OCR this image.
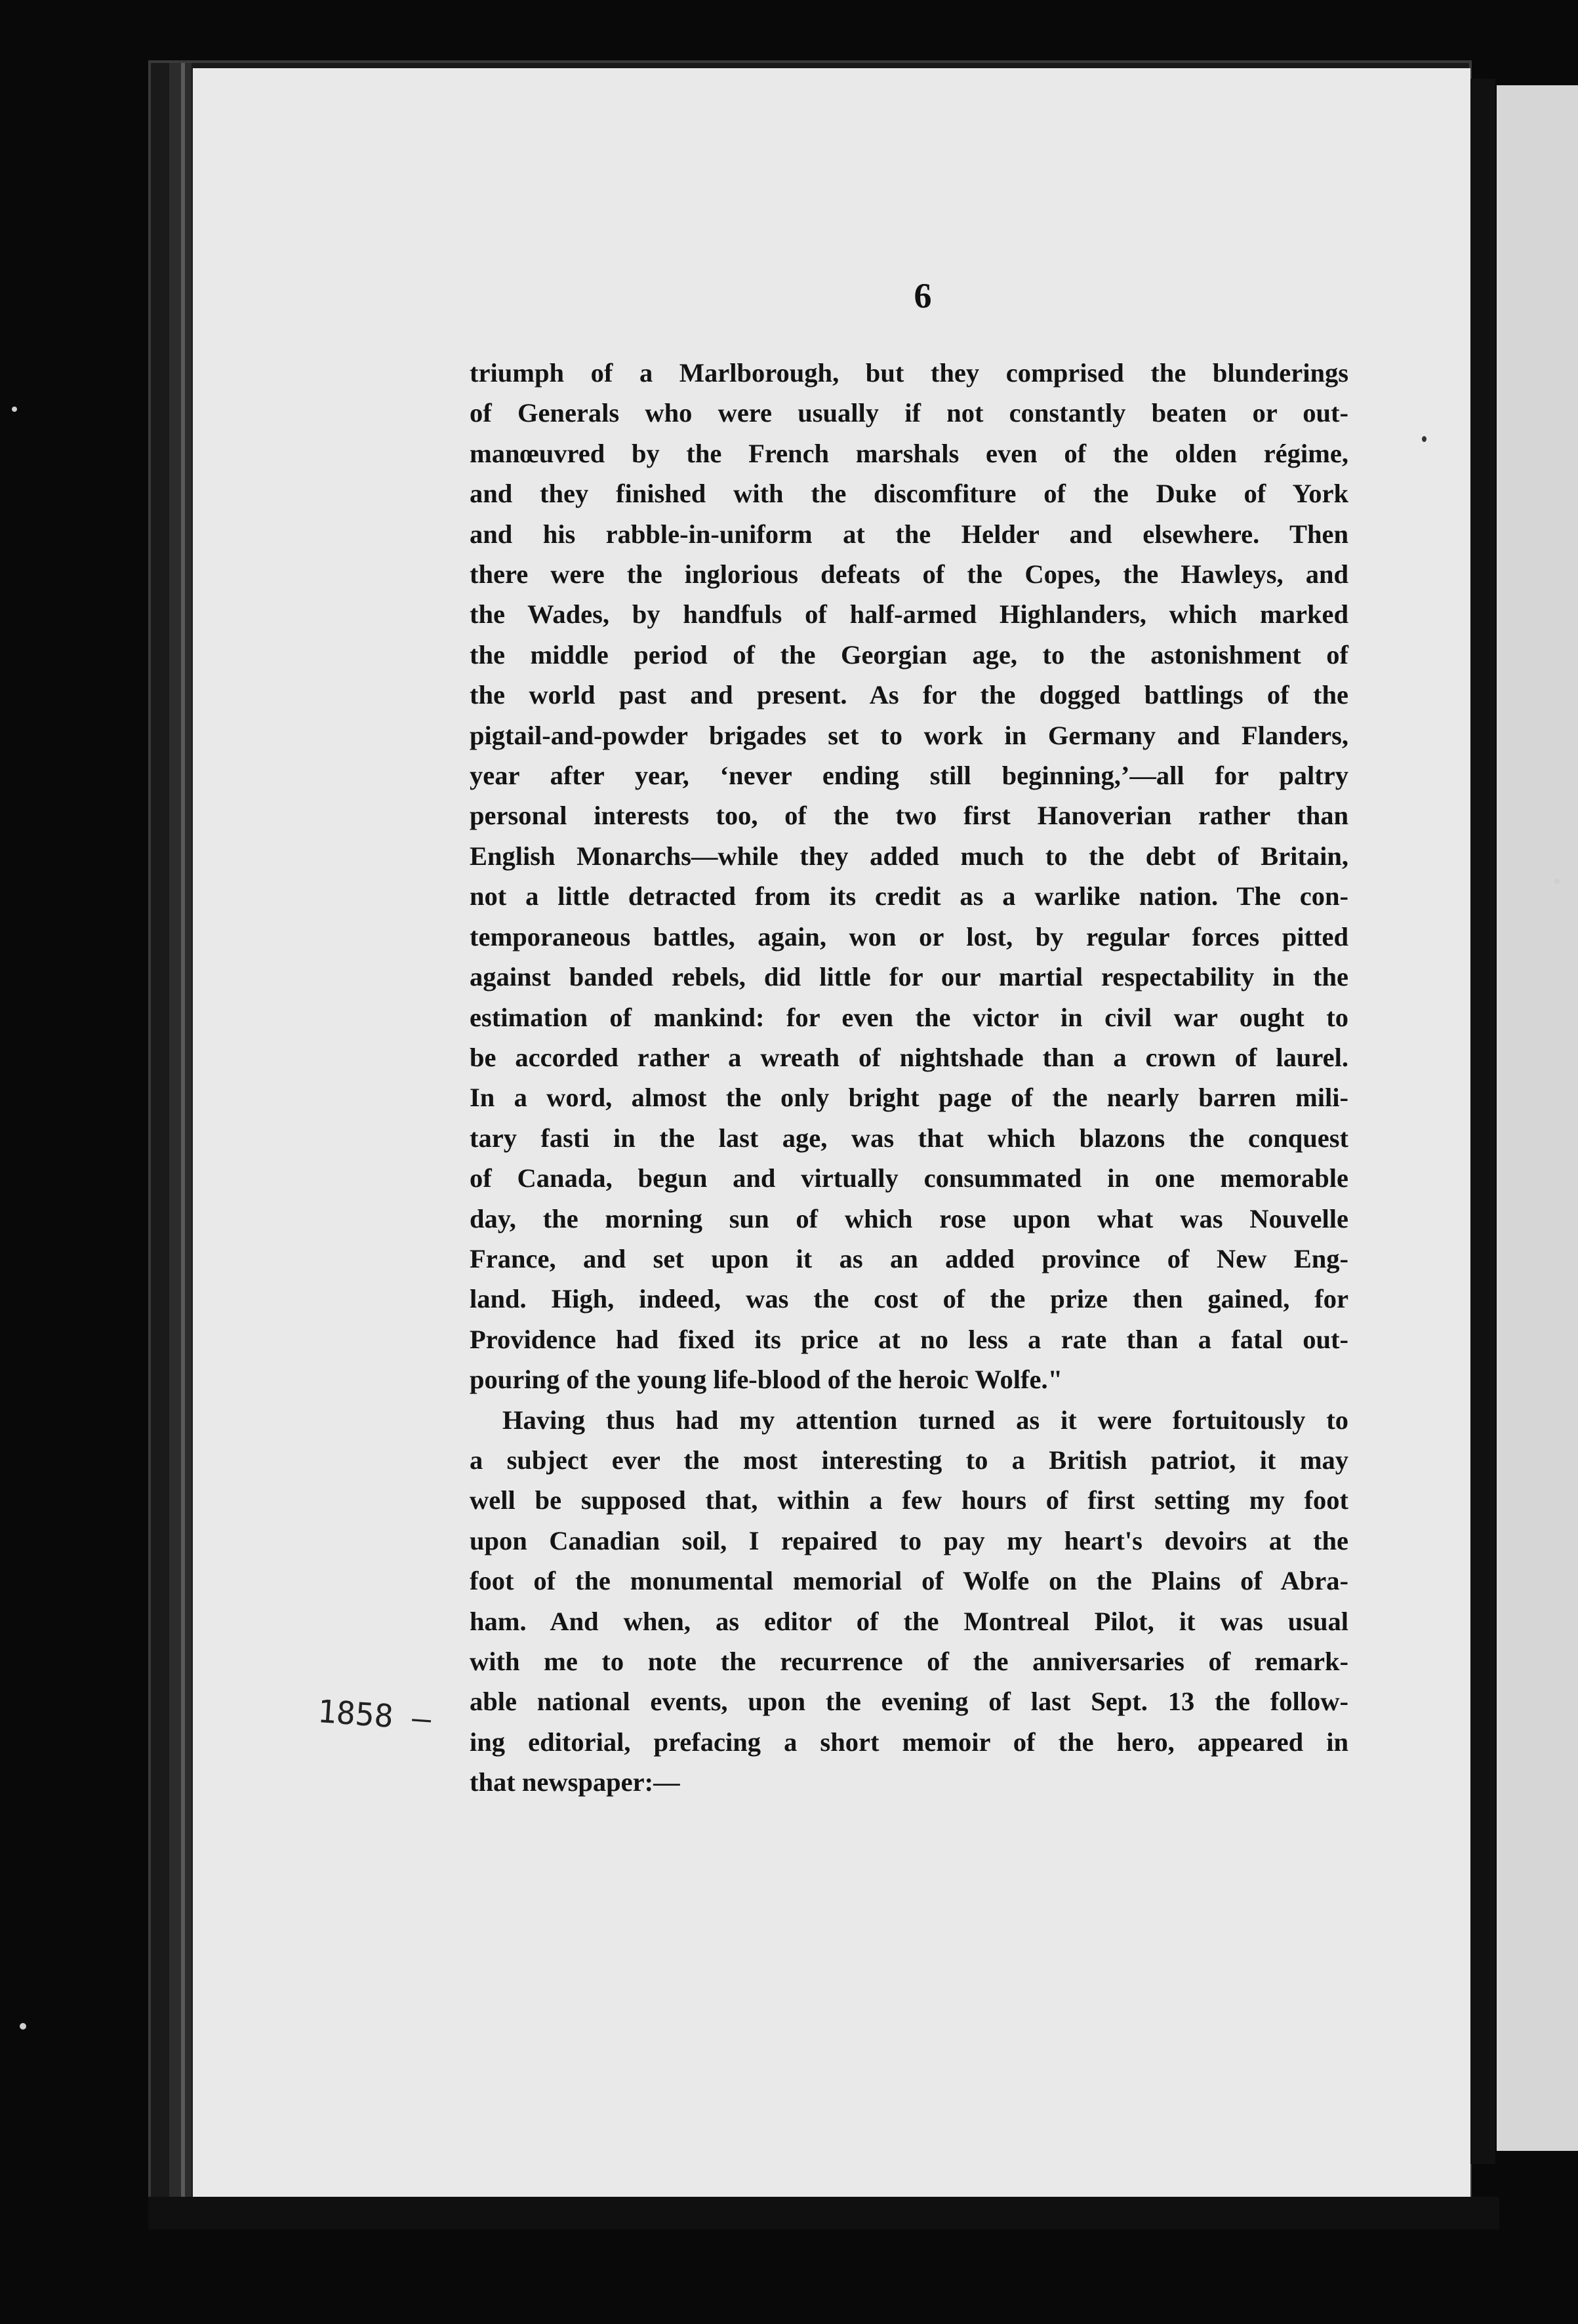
6
triumph of a Marlborough, but they comprised the blunderings
of Generals who were usually if not constantly beaten or out-
manœuvred by the French marshals even of the olden régime,
and they finished with the discomfiture of the Duke of York
and his rabble-in-uniform at the Helder and elsewhere. Then
there were the inglorious defeats of the Copes, the Hawleys, and
the Wades, by handfuls of half-armed Highlanders, which marked
the middle period of the Georgian age, to the astonishment of
the world past and present. As for the dogged battlings of the
pigtail-and-powder brigades set to work in Germany and Flanders,
year after year, ‘never ending still beginning,’—all for paltry
personal interests too, of the two first Hanoverian rather than
English Monarchs—while they added much to the debt of Britain,
not a little detracted from its credit as a warlike nation. The con-
temporaneous battles, again, won or lost, by regular forces pitted
against banded rebels, did little for our martial respectability in the
estimation of mankind: for even the victor in civil war ought to
be accorded rather a wreath of nightshade than a crown of laurel.
In a word, almost the only bright page of the nearly barren mili-
tary fasti in the last age, was that which blazons the conquest
of Canada, begun and virtually consummated in one memorable
day, the morning sun of which rose upon what was Nouvelle
France, and set upon it as an added province of New Eng-
land. High, indeed, was the cost of the prize then gained, for
Providence had fixed its price at no less a rate than a fatal out-
pouring of the young life-blood of the heroic Wolfe."
Having thus had my attention turned as it were fortuitously to
a subject ever the most interesting to a British patriot, it may
well be supposed that, within a few hours of first setting my foot
upon Canadian soil, I repaired to pay my heart's devoirs at the
foot of the monumental memorial of Wolfe on the Plains of Abra-
ham. And when, as editor of the Montreal Pilot, it was usual
with me to note the recurrence of the anniversaries of remark-
able national events, upon the evening of last Sept. 13 the follow-
ing editorial, prefacing a short memoir of the hero, appeared in
that newspaper:—
1858 —
